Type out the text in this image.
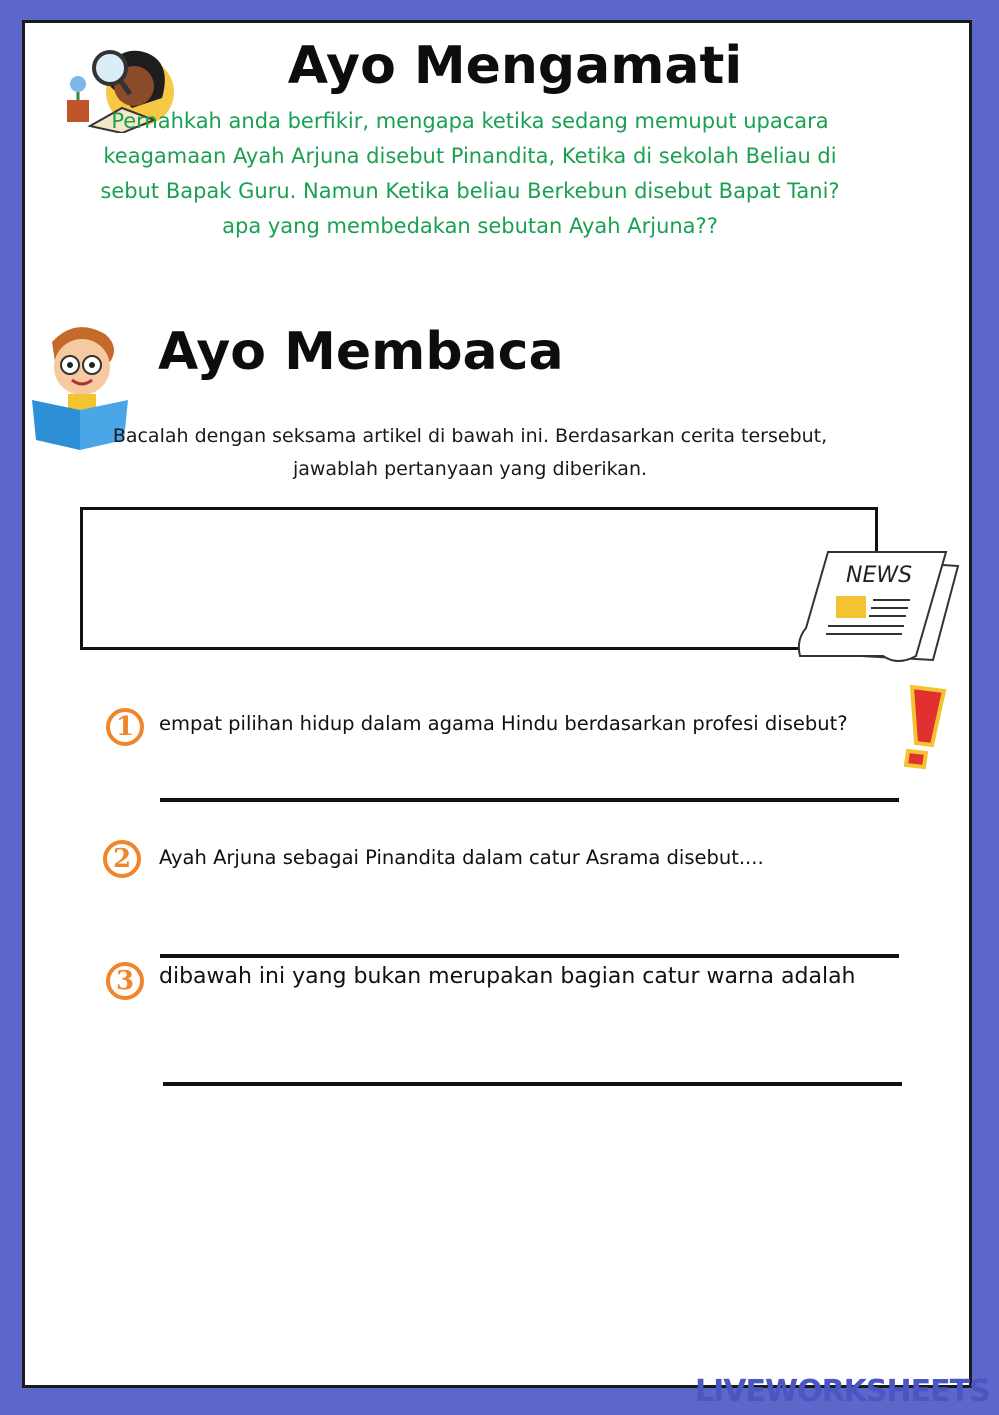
Ayo Mengamati
Pernahkah anda berfikir, mengapa ketika sedang memuput upacara
keagamaan Ayah Arjuna disebut Pinandita, Ketika di sekolah Beliau di
sebut Bapak Guru. Namun Ketika beliau Berkebun disebut Bapat Tani?
apa yang membedakan sebutan Ayah Arjuna??
Ayo Membaca
Bacalah dengan seksama artikel di bawah ini. Berdasarkan cerita tersebut,
jawablah pertanyaan yang diberikan.
NEWS
1	empat pilihan hidup dalam agama Hindu berdasarkan profesi disebut?
2	Ayah Arjuna sebagai Pinandita dalam catur Asrama disebut....
3	dibawah ini yang bukan merupakan bagian catur warna adalah
LIVEWORKSHEETS
